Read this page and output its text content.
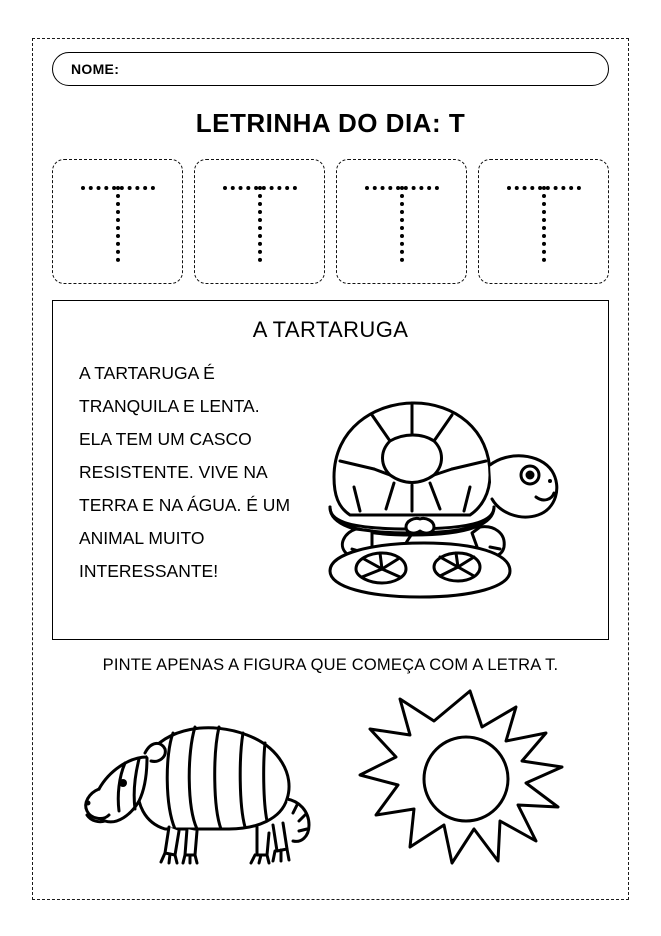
NOME:
LETRINHA DO DIA: T
A TARTARUGA
A TARTARUGA É TRANQUILA E LENTA. ELA TEM UM CASCO RESISTENTE. VIVE NA TERRA E NA ÁGUA. É UM ANIMAL MUITO INTERESSANTE!
PINTE APENAS A FIGURA QUE COMEÇA COM A LETRA T.
